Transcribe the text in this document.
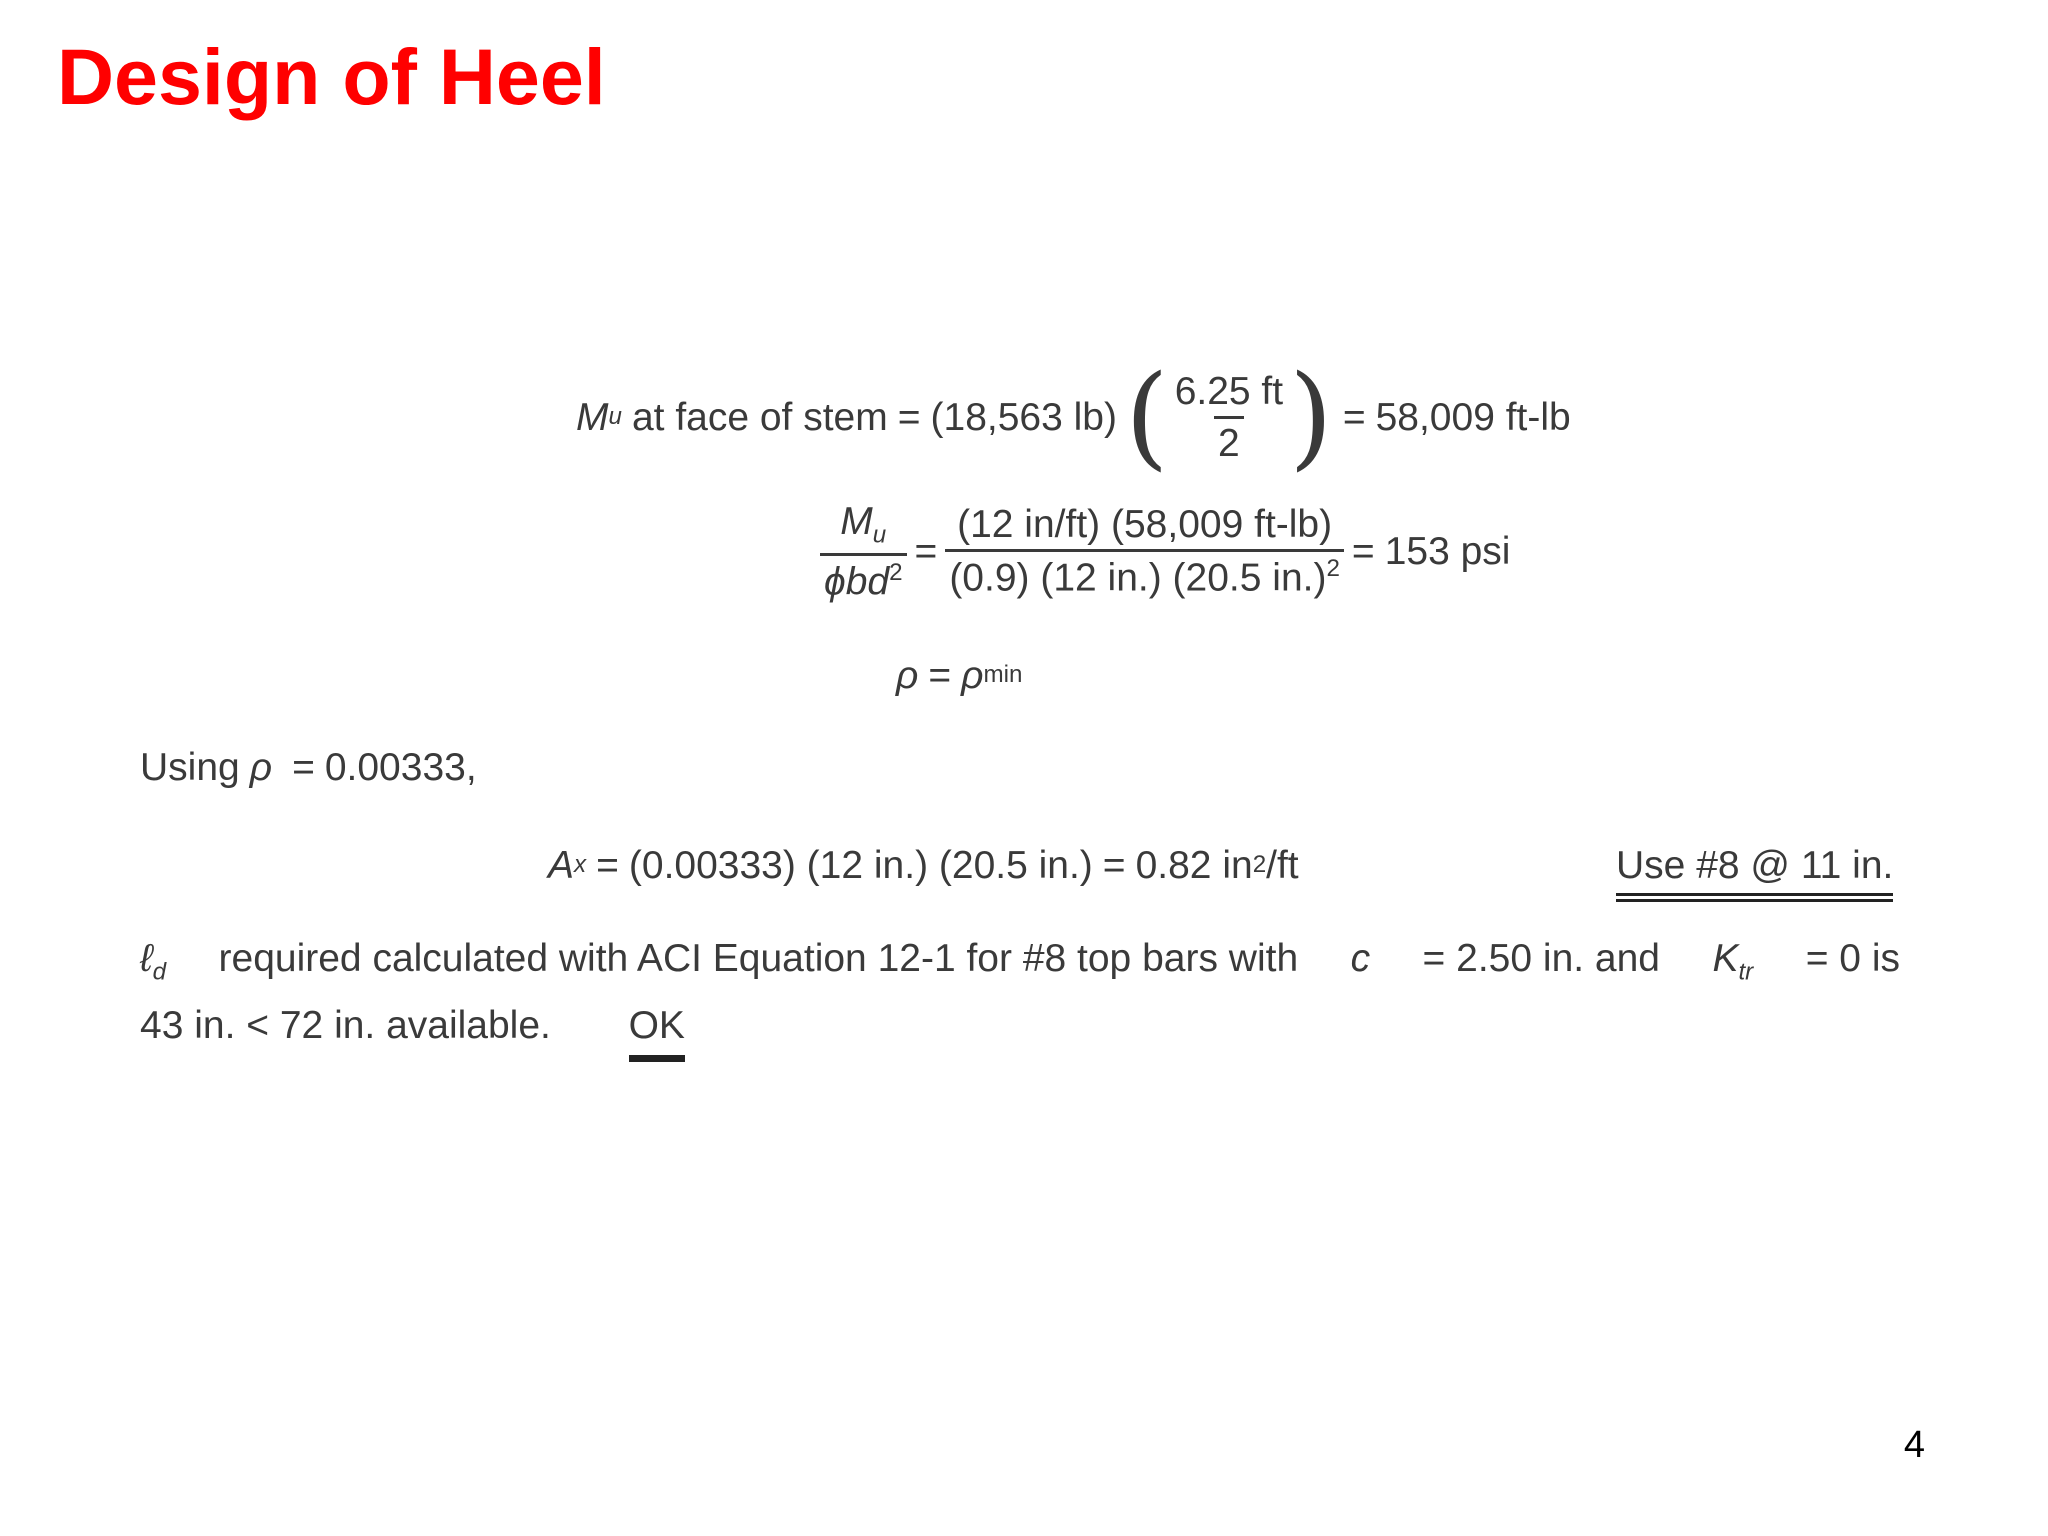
Design of Heel
M u at face of stem = (18,563 lb) ( $\frac{6.25 ft}{2}$ ) = 58,009 ft-lb
$\frac{M_u}{\phi bd^2} = \frac{(12 in/ft) (58,009 ft-lb)}{(0.9) (12 in.) (20.5 in.)^2} = 153$ psi
ρ = ρ min
Using ρ = 0.00333,
A x = (0.00333) (12 in.) (20.5 in.) = 0.82 in 2 /ft	Use #8 @ 11 in.
ℓ$_d$ required calculated with ACI Equation 12-1 for #8 top bars with c = 2.50 in. and $K_{tr} = 0$ is
43 in. < 72 in. available. OK
4
